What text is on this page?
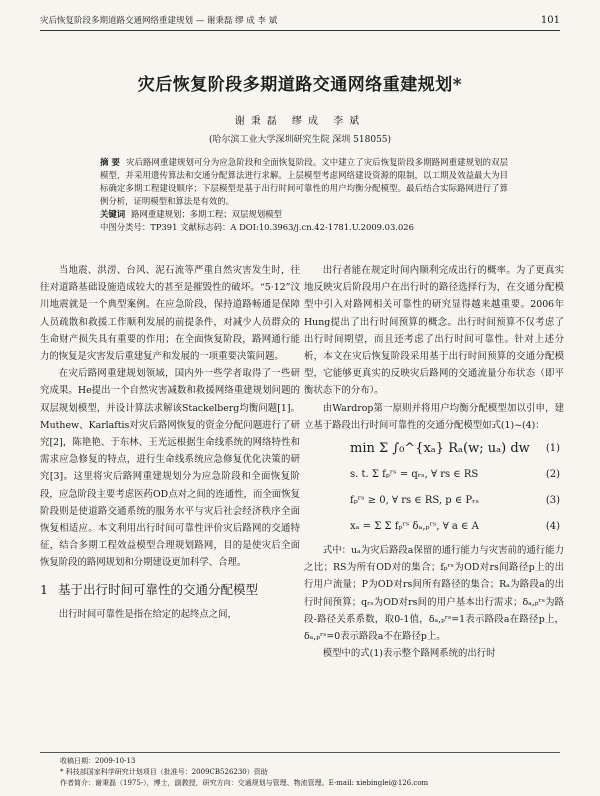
灾后恢复阶段多期道路交通网络重建规划 — 谢秉磊 缪 成 李 斌	101
灾后恢复阶段多期道路交通网络重建规划*
谢秉磊 缪成 李斌
(哈尔滨工业大学深圳研究生院 深圳 518055)

摘 要 灾后路网重建规划可分为应急阶段和全面恢复阶段。文中建立了灾后恢复阶段多期路网重建规划的双层模型，并采用遗传算法和交通分配算法进行求解。上层模型考虑网络建设资源的限制，以工期及效益最大为目标确定多期工程建设顺序；下层模型是基于出行时间可靠性的用户均衡分配模型。最后结合实际路网进行了算例分析，证明模型和算法是有效的。

关键词 路网重建规划；多期工程；双层规划模型

中图分类号：TP391 文献标志码：A DOI:10.3963/j.cn.42-1781.U.2009.03.026

当地震、洪涝、台风、泥石流等严重自然灾害发生时，往往对道路基础设施造成较大的甚至是摧毁性的破坏。“5·12”汶川地震就是一个典型案例。在应急阶段，保持道路畅通是保障人员疏散和救援工作顺利发展的前提条件，对减少人员群众的生命财产损失具有重要的作用；在全面恢复阶段，路网通行能力的恢复是灾害发后重建复产和发展的一项重要决策问题。

在灾后路网重建规划领域，国内外一些学者取得了一些研究成果。He提出一个自然灾害减数和救援网络重建规划问题的双层规划模型，并设计算法求解该Stackelberg均衡问题[1]。Muthew、Karlaftis对灾后路网恢复的资金分配问题进行了研究[2]，陈艳艳、于东林、王光远根据生命线系统的网络特性和需求应急修复的特点，进行生命线系统应急修复优化决策的研究[3]。这里将灾后路网重建规划分为应急阶段和全面恢复阶段，应急阶段主要考虑医药OD点对之间的连通性，而全面恢复阶段则是使道路交通系统的服务水平与灾后社会经济秩序全面恢复相适应。本文利用出行时间可靠性评价灾后路网的交通特征，结合多期工程效益模型合理规划路网，目的是使灾后全面恢复阶段的路网规划和分期建设更加科学、合理。

1 基于出行时间可靠性的交通分配模型

出行时间可靠性是指在给定的起终点之间，

出行者能在规定时间内顺利完成出行的概率。为了更真实地反映灾后阶段用户在出行时的路径选择行为，在交通分配模型中引入对路网相关可靠性的研究显得越来越重要。2006年Hung提出了出行时间预算的概念。出行时间预算不仅考虑了出行时间期望，而且还考虑了出行时间可靠性。针对上述分析，本文在灾后恢复阶段采用基于出行时间预算的交通分配模型，它能够更真实的反映灾后路网的交通流量分布状态（即平衡状态下的分布）。

由Wardrop第一原则并将用户均衡分配模型加以引申，建立基于路段出行时间可靠性的交通分配模型如式(1)~(4)：

min Σ ∫₀^{xₐ} Rₐ(w; uₐ) dw (1)
s. t. Σ fₚʳˢ = qᵣₛ, ∀ rs ∈ RS	(2)
fₚʳˢ ≥ 0, ∀ rs ∈ RS, p ∈ Pᵣₛ	(3)
xₐ = Σ Σ fₚʳˢ δₐ,ₚʳˢ, ∀ a ∈ A	(4)

式中：uₐ为灾后路段a保留的通行能力与灾害前的通行能力之比；RS为所有OD对的集合；fₚʳˢ为OD对rs间路径p上的出行用户流量；P为OD对rs间所有路径的集合；Rₐ为路段a的出行时间预算；qᵣₛ为OD对rs间的用户基本出行需求；δₐ,ₚʳˢ为路段-路径关系系数，取0-1值，δₐ,ₚʳˢ=1表示路段a在路径p上，δₐ,ₚʳˢ=0表示路段a不在路径p上。

模型中的式(1)表示整个路网系统的出行时

收稿日期：2009-10-13

* 科技部国家科学研究计划项目（批准号：2009CB526230）资助

作者简介：谢秉磊（1975-），博士，副教授，研究方向：交通规划与管理、物流管理。E-mail: xiebinglei@126.com
